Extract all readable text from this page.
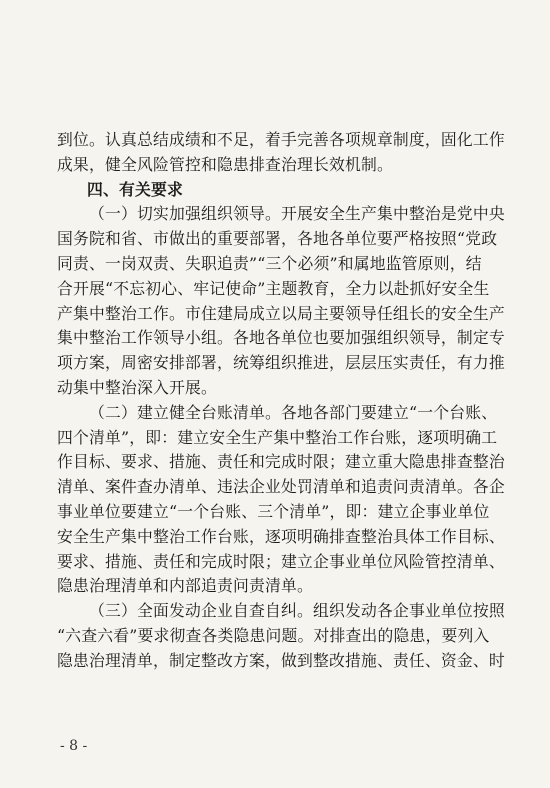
到位。认真总结成绩和不足，着手完善各项规章制度，固化工作
成果，健全风险管控和隐患排查治理长效机制。
四、有关要求
（一）切实加强组织领导。开展安全生产集中整治是党中央
国务院和省、市做出的重要部署，各地各单位要严格按照“党政
同责、一岗双责、失职追责”“三个必须”和属地监管原则，结
合开展“不忘初心、牢记使命”主题教育，全力以赴抓好安全生
产集中整治工作。市住建局成立以局主要领导任组长的安全生产
集中整治工作领导小组。各地各单位也要加强组织领导，制定专
项方案，周密安排部署，统筹组织推进，层层压实责任，有力推
动集中整治深入开展。
（二）建立健全台账清单。各地各部门要建立“一个台账、
四个清单”，即：建立安全生产集中整治工作台账，逐项明确工
作目标、要求、措施、责任和完成时限；建立重大隐患排查整治
清单、案件查办清单、违法企业处罚清单和追责问责清单。各企
事业单位要建立“一个台账、三个清单”，即：建立企事业单位
安全生产集中整治工作台账，逐项明确排查整治具体工作目标、
要求、措施、责任和完成时限；建立企事业单位风险管控清单、
隐患治理清单和内部追责问责清单。
（三）全面发动企业自查自纠。组织发动各企事业单位按照
“六查六看”要求彻查各类隐患问题。对排查出的隐患，要列入
隐患治理清单，制定整改方案，做到整改措施、责任、资金、时
- 8 -
